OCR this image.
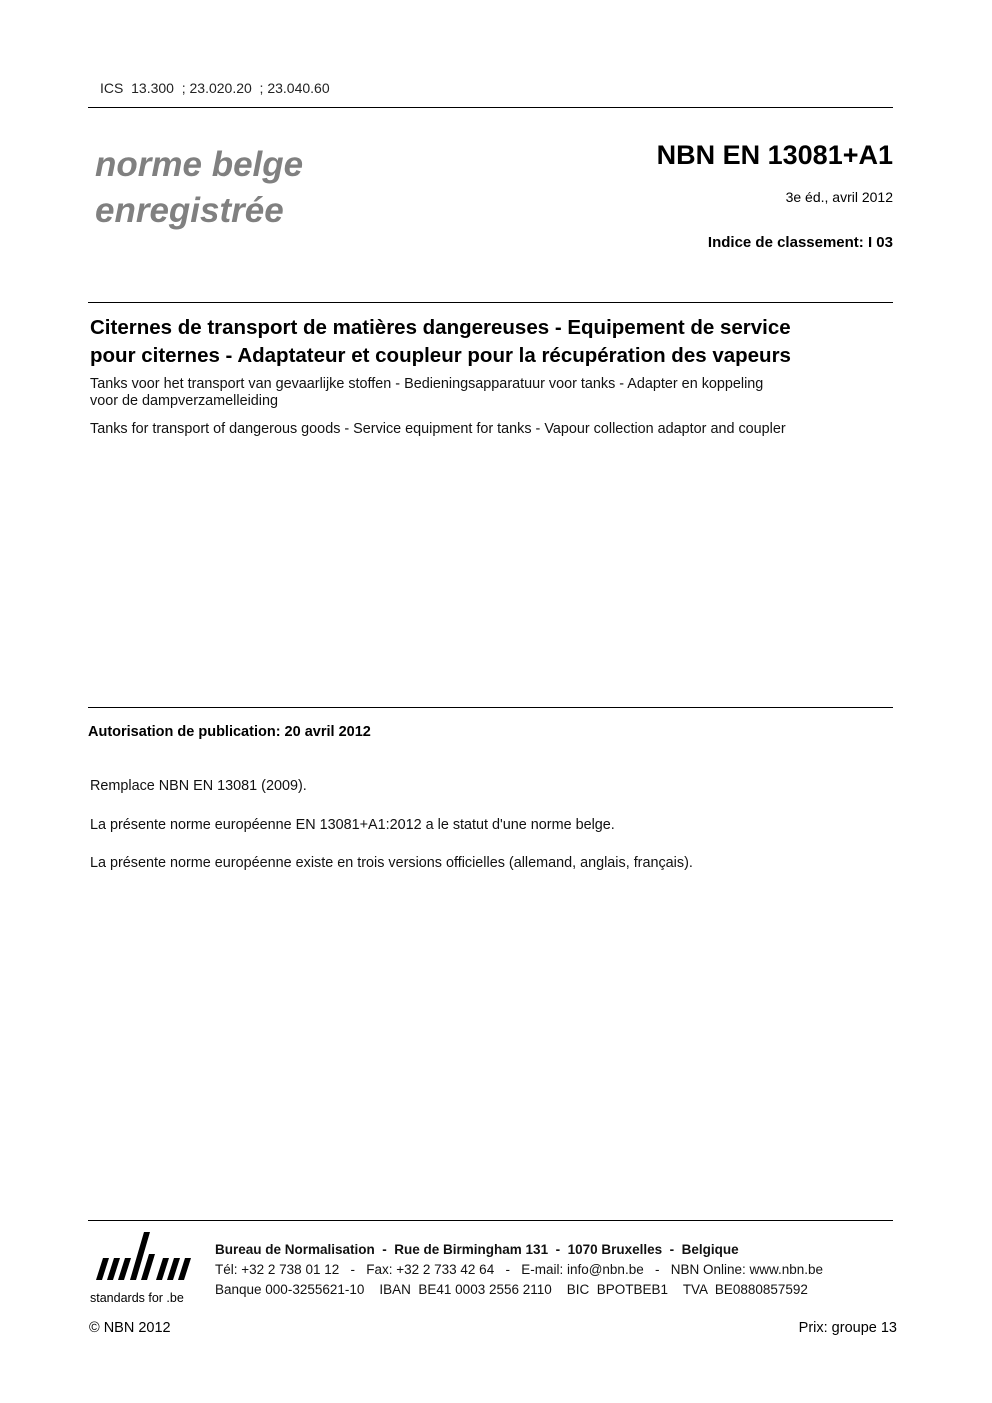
ICS  13.300  ; 23.020.20  ; 23.040.60
norme belge
enregistrée
NBN EN 13081+A1
3e éd., avril 2012
Indice de classement: I 03
Citernes de transport de matières dangereuses - Equipement de service
pour citernes - Adaptateur et coupleur pour la récupération des vapeurs
Tanks voor het transport van gevaarlijke stoffen - Bedieningsapparatuur voor tanks - Adapter en koppeling
voor de dampverzamelleiding
Tanks for transport of dangerous goods - Service equipment for tanks - Vapour collection adaptor and coupler
Autorisation de publication: 20 avril 2012
Remplace NBN EN 13081 (2009).
La présente norme européenne EN 13081+A1:2012 a le statut d'une norme belge.
La présente norme européenne existe en trois versions officielles (allemand, anglais, français).
standards for .be
Bureau de Normalisation  -  Rue de Birmingham 131  -  1070 Bruxelles  -  Belgique
Tél: +32 2 738 01 12   -   Fax: +32 2 733 42 64   -   E-mail: info@nbn.be   -   NBN Online: www.nbn.be
Banque 000-3255621-10    IBAN  BE41 0003 2556 2110    BIC  BPOTBEB1    TVA  BE0880857592
© NBN 2012	Prix: groupe 13
